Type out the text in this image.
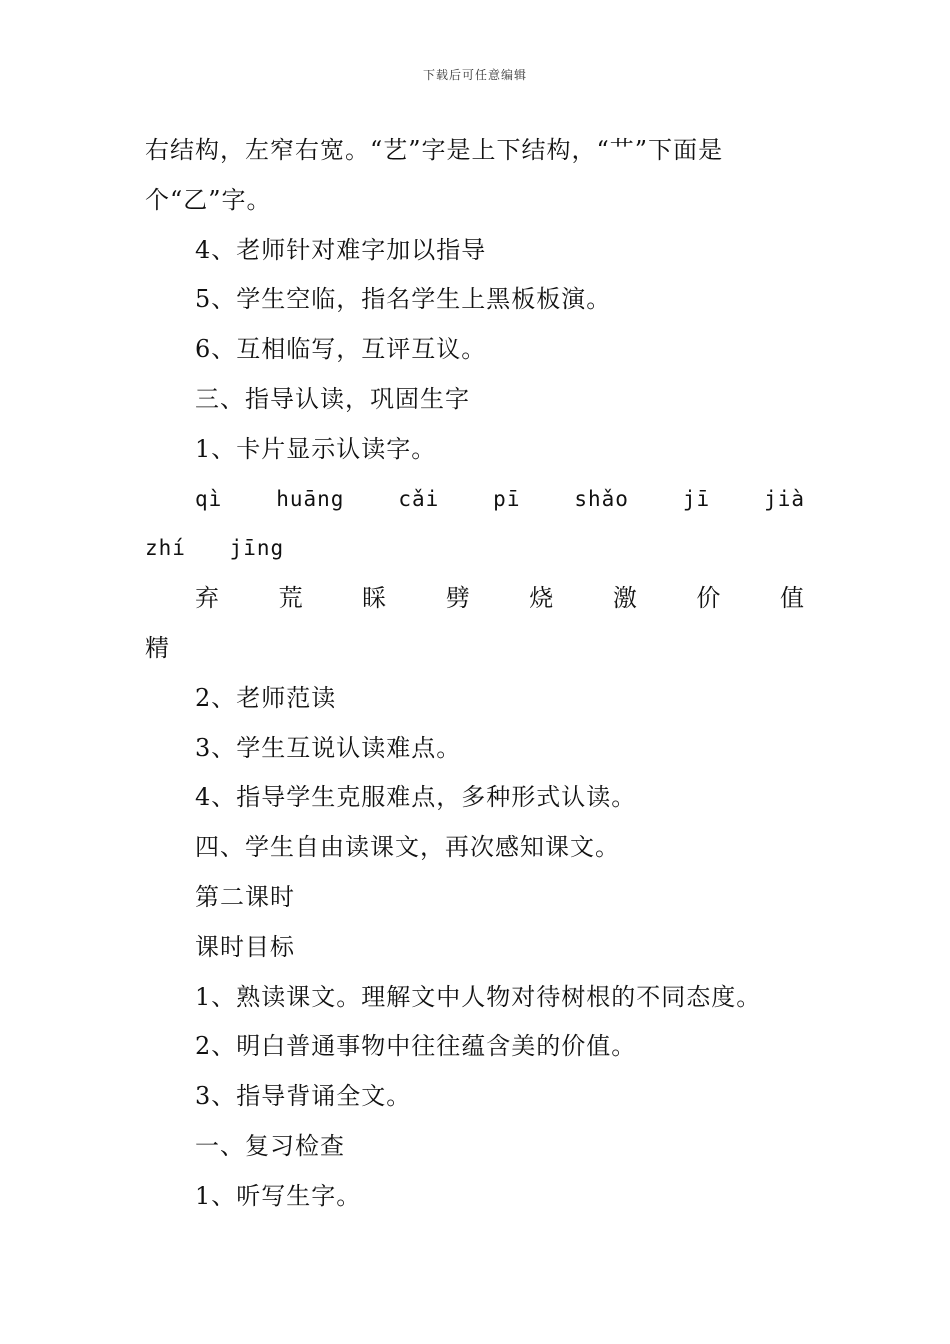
下载后可任意编辑
右结构，左窄右宽。“艺”字是上下结构，“艹”下面是
个“乙”字。
4、老师针对难字加以指导
5、学生空临，指名学生上黑板板演。
6、互相临写，互评互议。
三、指导认读，巩固生字
1、卡片显示认读字。
qì	huāng	cǎi	pī	shǎo	jī	jià
zhí jīng
弃 荒 睬 劈 烧 激 价 值
精
2、老师范读
3、学生互说认读难点。
4、指导学生克服难点，多种形式认读。
四、学生自由读课文，再次感知课文。
第二课时
课时目标
1、熟读课文。理解文中人物对待树根的不同态度。
2、明白普通事物中往往蕴含美的价值。
3、指导背诵全文。
一、复习检查
1、听写生字。
